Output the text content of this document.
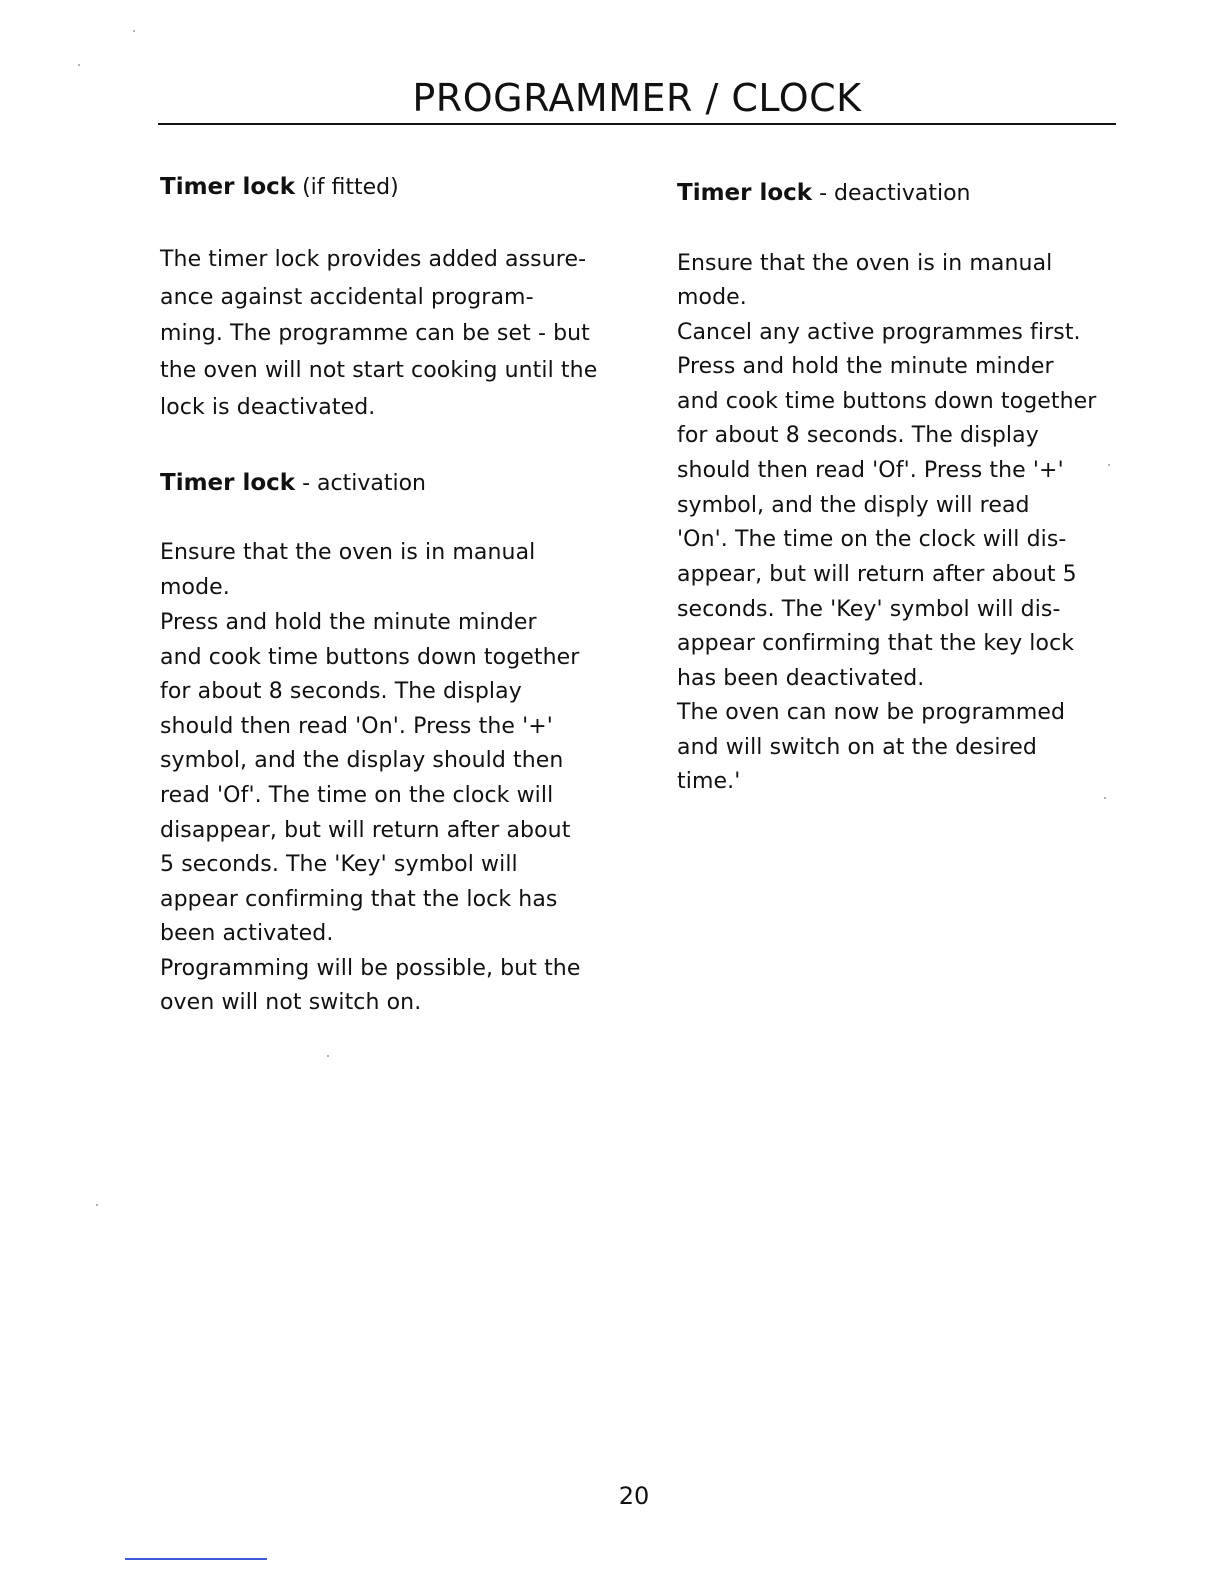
PROGRAMMER / CLOCK
Timer lock (if fitted)
The timer lock provides added assure-
ance against accidental program-
ming. The programme can be set - but
the oven will not start cooking until the
lock is deactivated.
Timer lock - activation
Ensure that the oven is in manual
mode.
Press and hold the minute minder
and cook time buttons down together
for about 8 seconds. The display
should then read 'On'. Press the '+'
symbol, and the display should then
read 'Of'. The time on the clock will
disappear, but will return after about
5 seconds. The 'Key' symbol will
appear confirming that the lock has
been activated.
Programming will be possible, but the
oven will not switch on.
Timer lock - deactivation
Ensure that the oven is in manual
mode.
Cancel any active programmes first.
Press and hold the minute minder
and cook time buttons down together
for about 8 seconds. The display
should then read 'Of'. Press the '+'
symbol, and the disply will read
'On'. The time on the clock will dis-
appear, but will return after about 5
seconds. The 'Key' symbol will dis-
appear confirming that the key lock
has been deactivated.
The oven can now be programmed
and will switch on at the desired
time.'
20
